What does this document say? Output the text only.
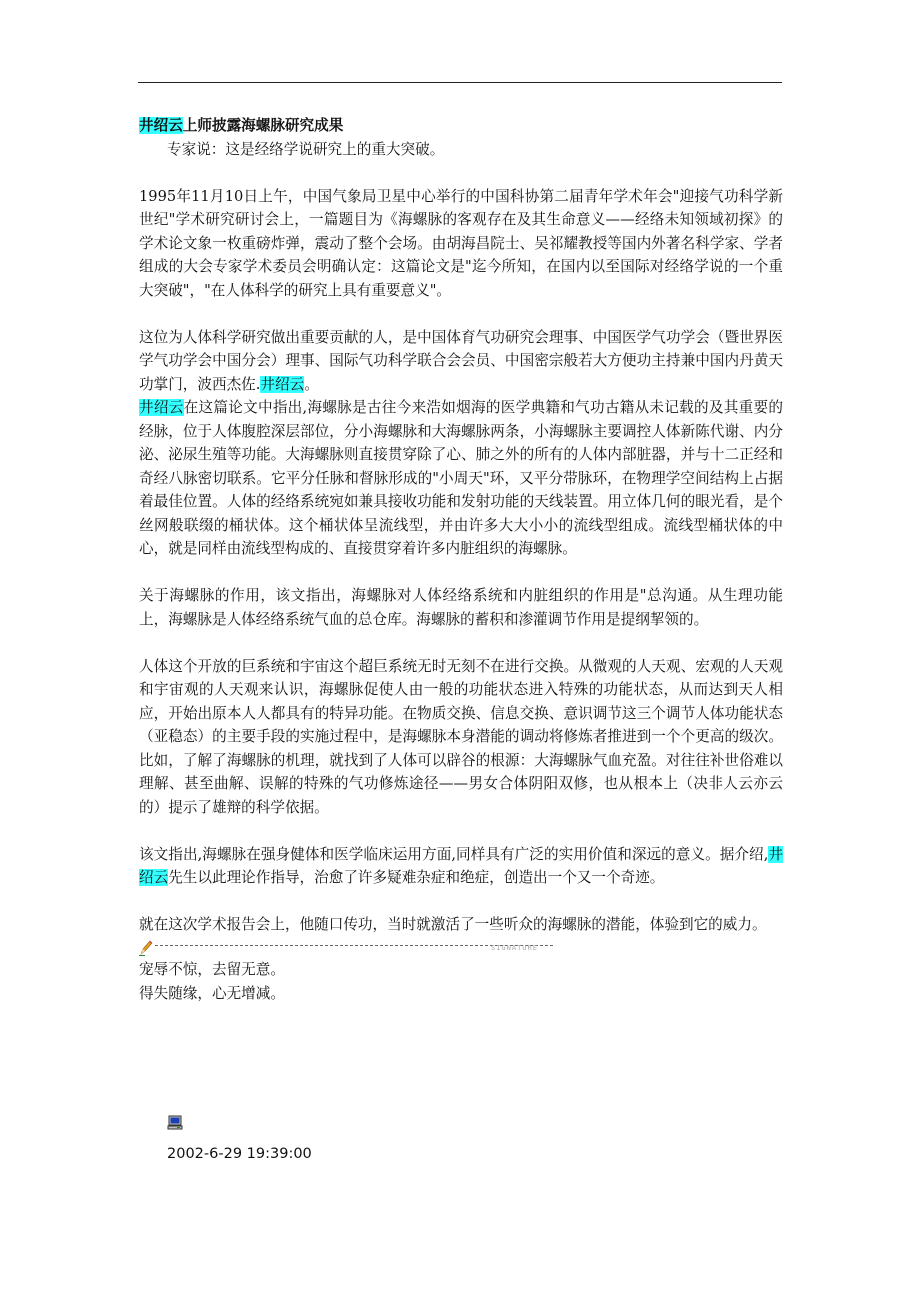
井绍云上师披露海螺脉研究成果
专家说：这是经络学说研究上的重大突破。

1995年11月10日上午，中国气象局卫星中心举行的中国科协第二届青年学术年会"迎接气功科学新世纪"学术研究研讨会上，一篇题目为《海螺脉的客观存在及其生命意义——经络未知领域初探》的学术论文象一枚重磅炸弹，震动了整个会场。由胡海昌院士、吴祁耀教授等国内外著名科学家、学者组成的大会专家学术委员会明确认定：这篇论文是"迄今所知，在国内以至国际对经络学说的一个重大突破"，"在人体科学的研究上具有重要意义"。

这位为人体科学研究做出重要贡献的人，是中国体育气功研究会理事、中国医学气功学会（暨世界医学气功学会中国分会）理事、国际气功科学联合会会员、中国密宗般若大方便功主持兼中国内丹黄天功掌门，波西杰佐.井绍云。
井绍云在这篇论文中指出,海螺脉是古往今来浩如烟海的医学典籍和气功古籍从未记载的及其重要的经脉，位于人体腹腔深层部位，分小海螺脉和大海螺脉两条，小海螺脉主要调控人体新陈代谢、内分泌、泌尿生殖等功能。大海螺脉则直接贯穿除了心、肺之外的所有的人体内部脏器，并与十二正经和奇经八脉密切联系。它平分任脉和督脉形成的"小周天"环，又平分带脉环，在物理学空间结构上占据着最佳位置。人体的经络系统宛如兼具接收功能和发射功能的天线装置。用立体几何的眼光看，是个丝网般联缀的桶状体。这个桶状体呈流线型，并由许多大大小小的流线型组成。流线型桶状体的中心，就是同样由流线型构成的、直接贯穿着许多内脏组织的海螺脉。

关于海螺脉的作用，该文指出，海螺脉对人体经络系统和内脏组织的作用是"总沟通。从生理功能上，海螺脉是人体经络系统气血的总仓库。海螺脉的蓄积和渗灌调节作用是提纲挈领的。

人体这个开放的巨系统和宇宙这个超巨系统无时无刻不在进行交换。从微观的人天观、宏观的人天观和宇宙观的人天观来认识，海螺脉促使人由一般的功能状态进入特殊的功能状态，从而达到天人相应，开始出原本人人都具有的特异功能。在物质交换、信息交换、意识调节这三个调节人体功能状态（亚稳态）的主要手段的实施过程中，是海螺脉本身潜能的调动将修炼者推进到一个个更高的级次。比如，了解了海螺脉的机理，就找到了人体可以辟谷的根源：大海螺脉气血充盈。对往往补世俗难以理解、甚至曲解、误解的特殊的气功修炼途径——男女合体阴阳双修，也从根本上（决非人云亦云的）提示了雄辩的科学依据。

该文指出,海螺脉在强身健体和医学临床运用方面,同样具有广泛的实用价值和深远的意义。据介绍,井绍云先生以此理论作指导，治愈了许多疑难杂症和绝症，创造出一个又一个奇迹。

就在这次学术报告会上，他随口传功，当时就激活了一些听众的海螺脉的潜能，体验到它的威力。

SIGNATURE
宠辱不惊，去留无意。
得失随缘，心无增减。
2002-6-29 19:39:00
